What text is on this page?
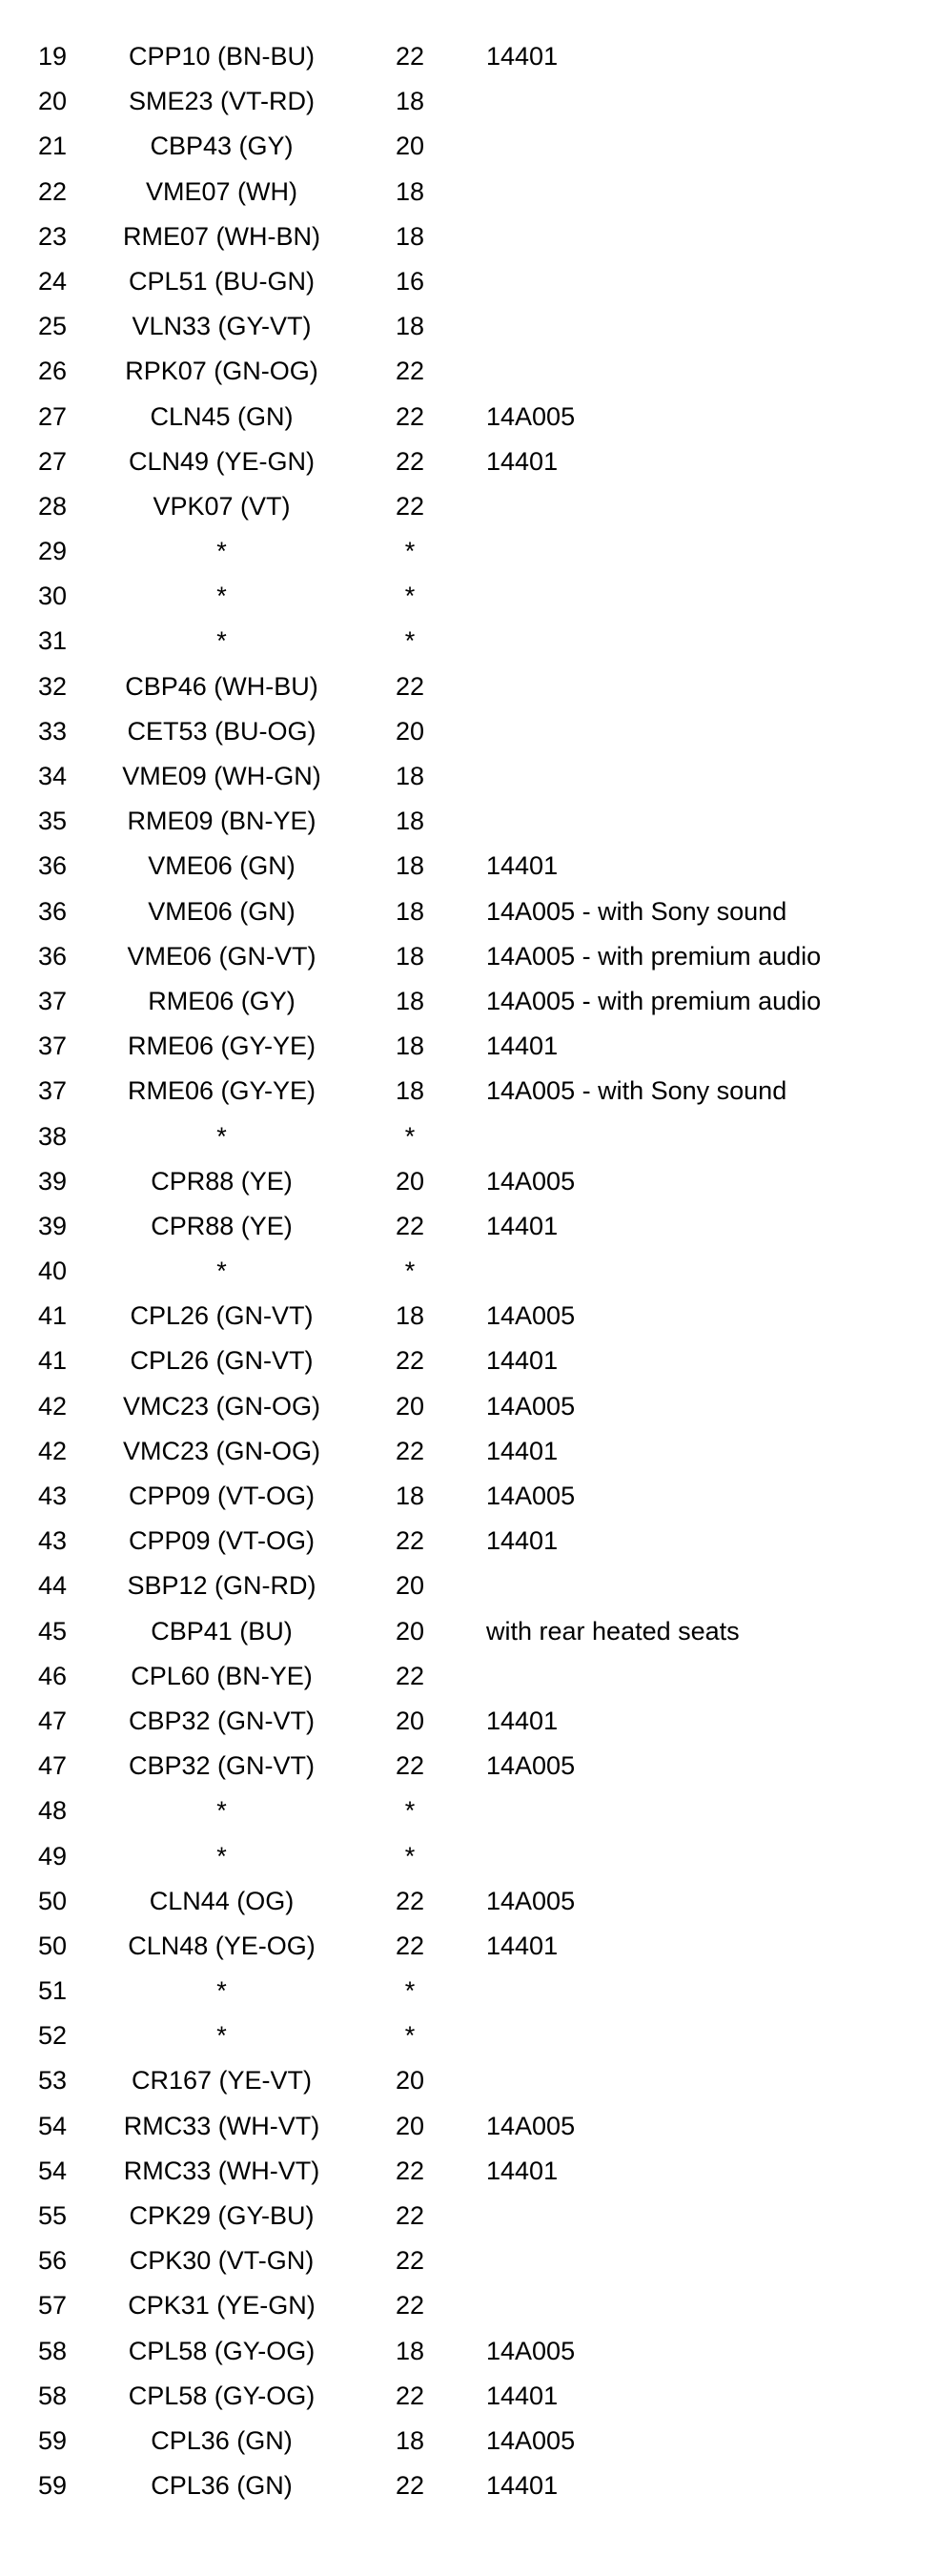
19	CPP10 (BN-BU)	22	14401
20	SME23 (VT-RD)	18
21	CBP43 (GY)	20
22	VME07 (WH)	18
23	RME07 (WH-BN)	18
24	CPL51 (BU-GN)	16
25	VLN33 (GY-VT)	18
26	RPK07 (GN-OG)	22
27	CLN45 (GN)	22	14A005
27	CLN49 (YE-GN)	22	14401
28	VPK07 (VT)	22
29	*	*
30	*	*
31	*	*
32	CBP46 (WH-BU)	22
33	CET53 (BU-OG)	20
34	VME09 (WH-GN)	18
35	RME09 (BN-YE)	18
36	VME06 (GN)	18	14401
36	VME06 (GN)	18	14A005 - with Sony sound
36	VME06 (GN-VT)	18	14A005 - with premium audio
37	RME06 (GY)	18	14A005 - with premium audio
37	RME06 (GY-YE)	18	14401
37	RME06 (GY-YE)	18	14A005 - with Sony sound
38	*	*
39	CPR88 (YE)	20	14A005
39	CPR88 (YE)	22	14401
40	*	*
41	CPL26 (GN-VT)	18	14A005
41	CPL26 (GN-VT)	22	14401
42	VMC23 (GN-OG)	20	14A005
42	VMC23 (GN-OG)	22	14401
43	CPP09 (VT-OG)	18	14A005
43	CPP09 (VT-OG)	22	14401
44	SBP12 (GN-RD)	20
45	CBP41 (BU)	20	with rear heated seats
46	CPL60 (BN-YE)	22
47	CBP32 (GN-VT)	20	14401
47	CBP32 (GN-VT)	22	14A005
48	*	*
49	*	*
50	CLN44 (OG)	22	14A005
50	CLN48 (YE-OG)	22	14401
51	*	*
52	*	*
53	CR167 (YE-VT)	20
54	RMC33 (WH-VT)	20	14A005
54	RMC33 (WH-VT)	22	14401
55	CPK29 (GY-BU)	22
56	CPK30 (VT-GN)	22
57	CPK31 (YE-GN)	22
58	CPL58 (GY-OG)	18	14A005
58	CPL58 (GY-OG)	22	14401
59	CPL36 (GN)	18	14A005
59	CPL36 (GN)	22	14401
